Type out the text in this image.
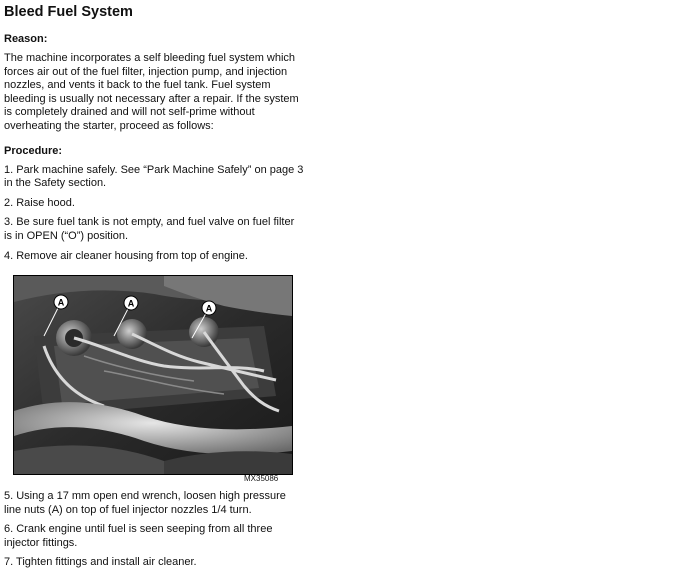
Bleed Fuel System
Reason:

The machine incorporates a self bleeding fuel system which forces air out of the fuel filter, injection pump, and injection nozzles, and vents it back to the fuel tank. Fuel system bleeding is usually not necessary after a repair. If the system is completely drained and will not self-prime without overheating the starter, proceed as follows:

Procedure:

1. Park machine safely. See “Park Machine Safely” on page 3 in the Safety section.

2. Raise hood.

3. Be sure fuel tank is not empty, and fuel valve on fuel filter is in OPEN (“O”) position.

4. Remove air cleaner housing from top of engine.

A	A	A
MX35086

5. Using a 17 mm open end wrench, loosen high pressure line nuts (A) on top of fuel injector nozzles 1/4 turn.

6. Crank engine until fuel is seen seeping from all three injector fittings.

7. Tighten fittings and install air cleaner.
